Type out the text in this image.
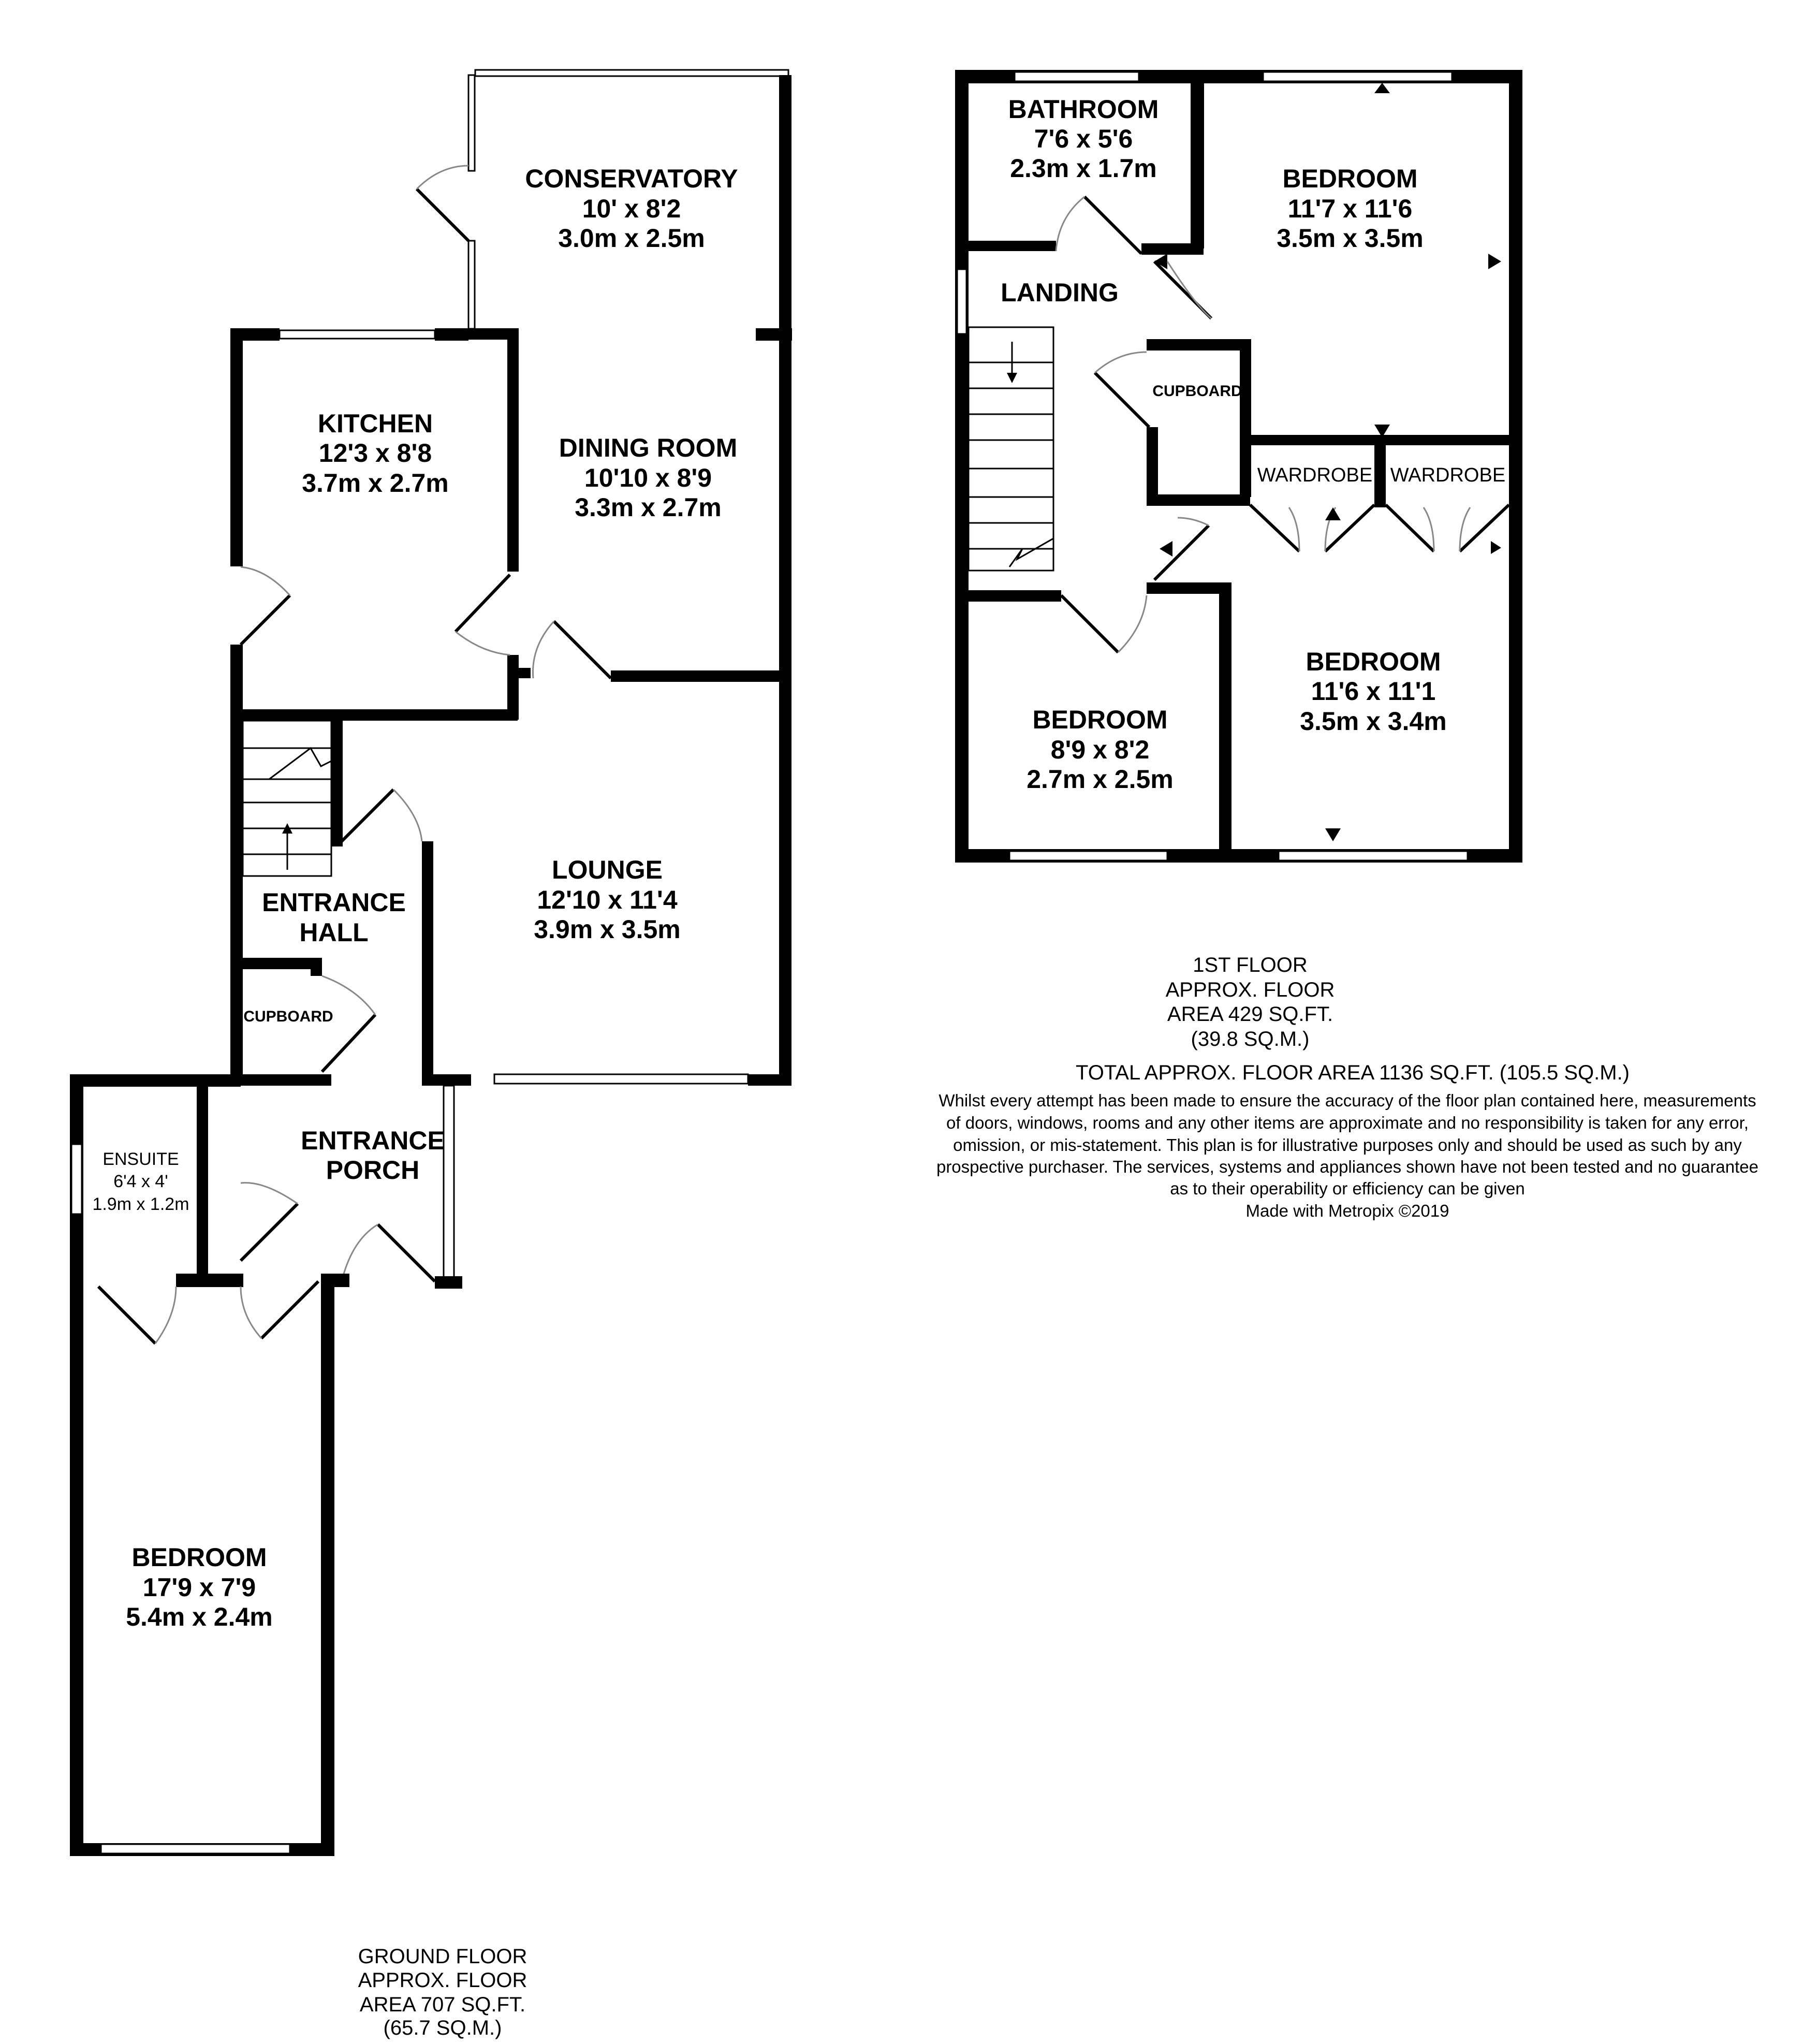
CONSERVATORY
10' x 8'2
3.0m x 2.5m
KITCHEN
12'3 x 8'8
3.7m x 2.7m
DINING ROOM
10'10 x 8'9
3.3m x 2.7m
LOUNGE
12'10 x 11'4
3.9m x 3.5m
ENTRANCE
HALL
CUPBOARD
ENTRANCE
PORCH
ENSUITE
6'4 x 4'
1.9m x 1.2m
BEDROOM
17'9 x 7'9
5.4m x 2.4m
GROUND FLOOR
APPROX. FLOOR
AREA 707 SQ.FT.
(65.7 SQ.M.)
BATHROOM
7'6 x 5'6
2.3m x 1.7m	BEDROOM
11'7 x 11'6
3.5m x 3.5m
LANDING
CUPBOARD
WARDROBE WARDROBE
BEDROOM
11'6 x 11'1
3.5m x 3.4m
BEDROOM
8'9 x 8'2
2.7m x 2.5m
1ST FLOOR
APPROX. FLOOR
AREA 429 SQ.FT.
(39.8 SQ.M.)
TOTAL APPROX. FLOOR AREA 1136 SQ.FT. (105.5 SQ.M.)
Whilst every attempt has been made to ensure the accuracy of the floor plan contained here, measurements
of doors, windows, rooms and any other items are approximate and no responsibility is taken for any error,
omission, or mis-statement. This plan is for illustrative purposes only and should be used as such by any
prospective purchaser. The services, systems and appliances shown have not been tested and no guarantee
as to their operability or efficiency can be given
Made with Metropix ©2019
